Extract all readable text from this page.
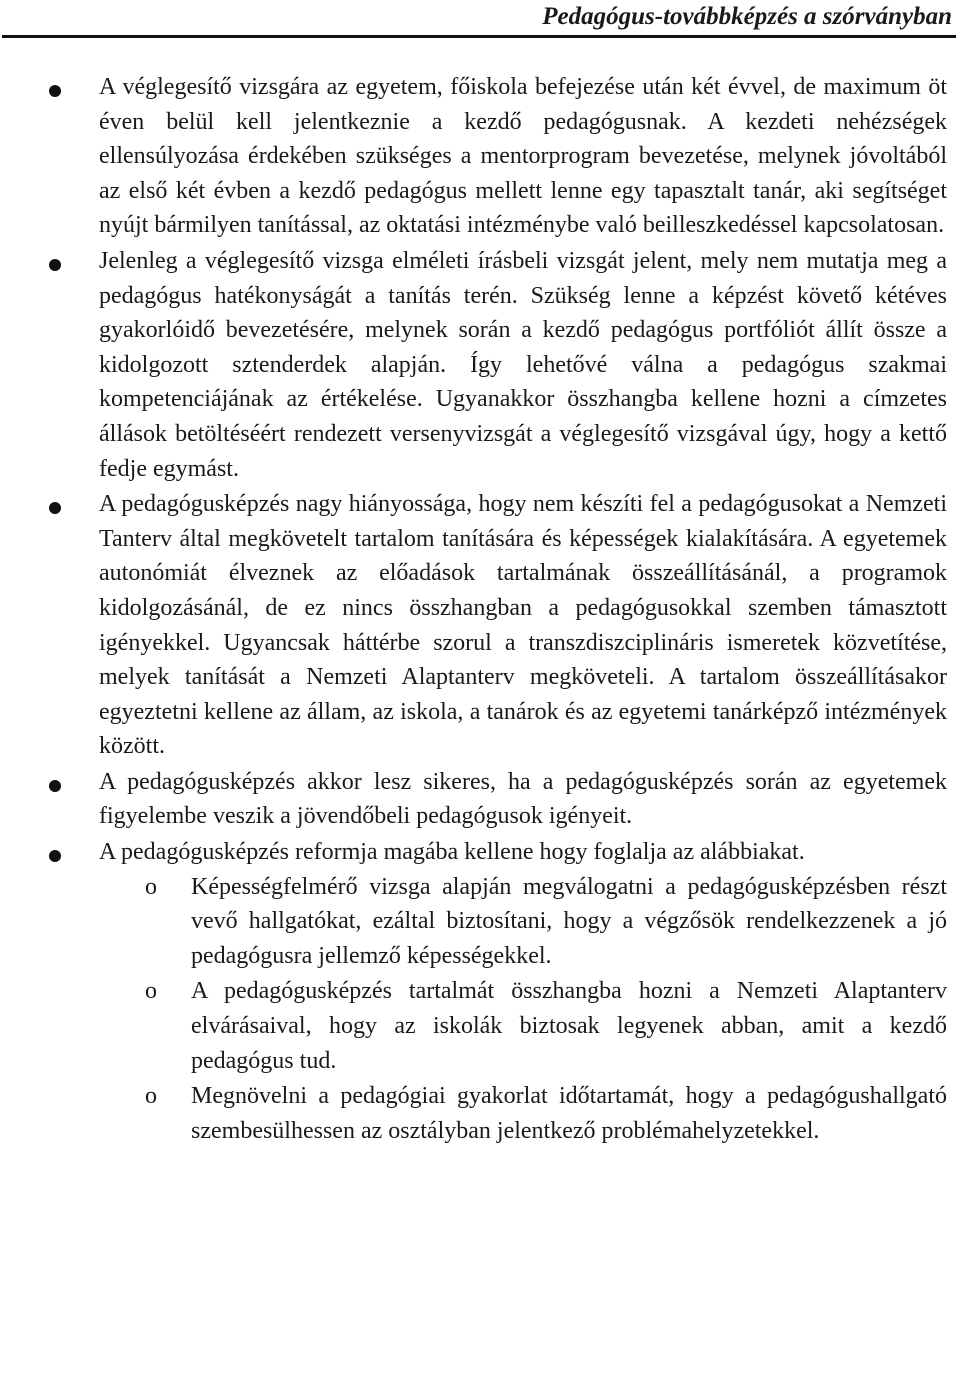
Pedagógus-továbbképzés a szórványban
A véglegesítő vizsgára az egyetem, főiskola befejezése után két évvel, de maximum öt éven belül kell jelentkeznie a kezdő pedagógusnak. A kezdeti nehézségek ellensúlyozása érdekében szükséges a mentorprogram bevezetése, melynek jóvoltából az első két évben a kezdő pedagógus mellett lenne egy tapasztalt tanár, aki segítséget nyújt bármilyen tanítással, az oktatási intézménybe való beilleszkedéssel kapcsolatosan.
Jelenleg a véglegesítő vizsga elméleti írásbeli vizsgát jelent, mely nem mutatja meg a pedagógus hatékonyságát a tanítás terén. Szükség lenne a képzést követő kétéves gyakorlóidő bevezetésére, melynek során a kezdő pedagógus portfóliót állít össze a kidolgozott sztenderdek alapján. Így lehetővé válna a pedagógus szakmai kompetenciájának az értékelése. Ugyanakkor összhangba kellene hozni a címzetes állások betöltéséért rendezett versenyvizsgát a véglegesítő vizsgával úgy, hogy a kettő fedje egymást.
A pedagógusképzés nagy hiányossága, hogy nem készíti fel a pedagógusokat a Nemzeti Tanterv által megkövetelt tartalom tanítására és képességek kialakítására. A egyetemek autonómiát élveznek az előadások tartalmának összeállításánál, a programok kidolgozásánál, de ez nincs összhangban a pedagógusokkal szemben támasztott igényekkel. Ugyancsak háttérbe szorul a transzdiszciplináris ismeretek közvetítése, melyek tanítását a Nemzeti Alaptanterv megköveteli. A tartalom összeállításakor egyeztetni kellene az állam, az iskola, a tanárok és az egyetemi tanárképző intézmények között.
A pedagógusképzés akkor lesz sikeres, ha a pedagógusképzés során az egyetemek figyelembe veszik a jövendőbeli pedagógusok igényeit.
A pedagógusképzés reformja magába kellene hogy foglalja az alábbiakat.
o Képességfelmérő vizsga alapján megválogatni a pedagógusképzésben részt vevő hallgatókat, ezáltal biztosítani, hogy a végzősök rendelkezzenek a jó pedagógusra jellemző képességekkel.
o A pedagógusképzés tartalmát összhangba hozni a Nemzeti Alaptanterv elvárásaival, hogy az iskolák biztosak legyenek abban, amit a kezdő pedagógus tud.
o Megnövelni a pedagógiai gyakorlat időtartamát, hogy a pedagógushallgató szembesülhessen az osztályban jelentkező problémahelyzetekkel.
